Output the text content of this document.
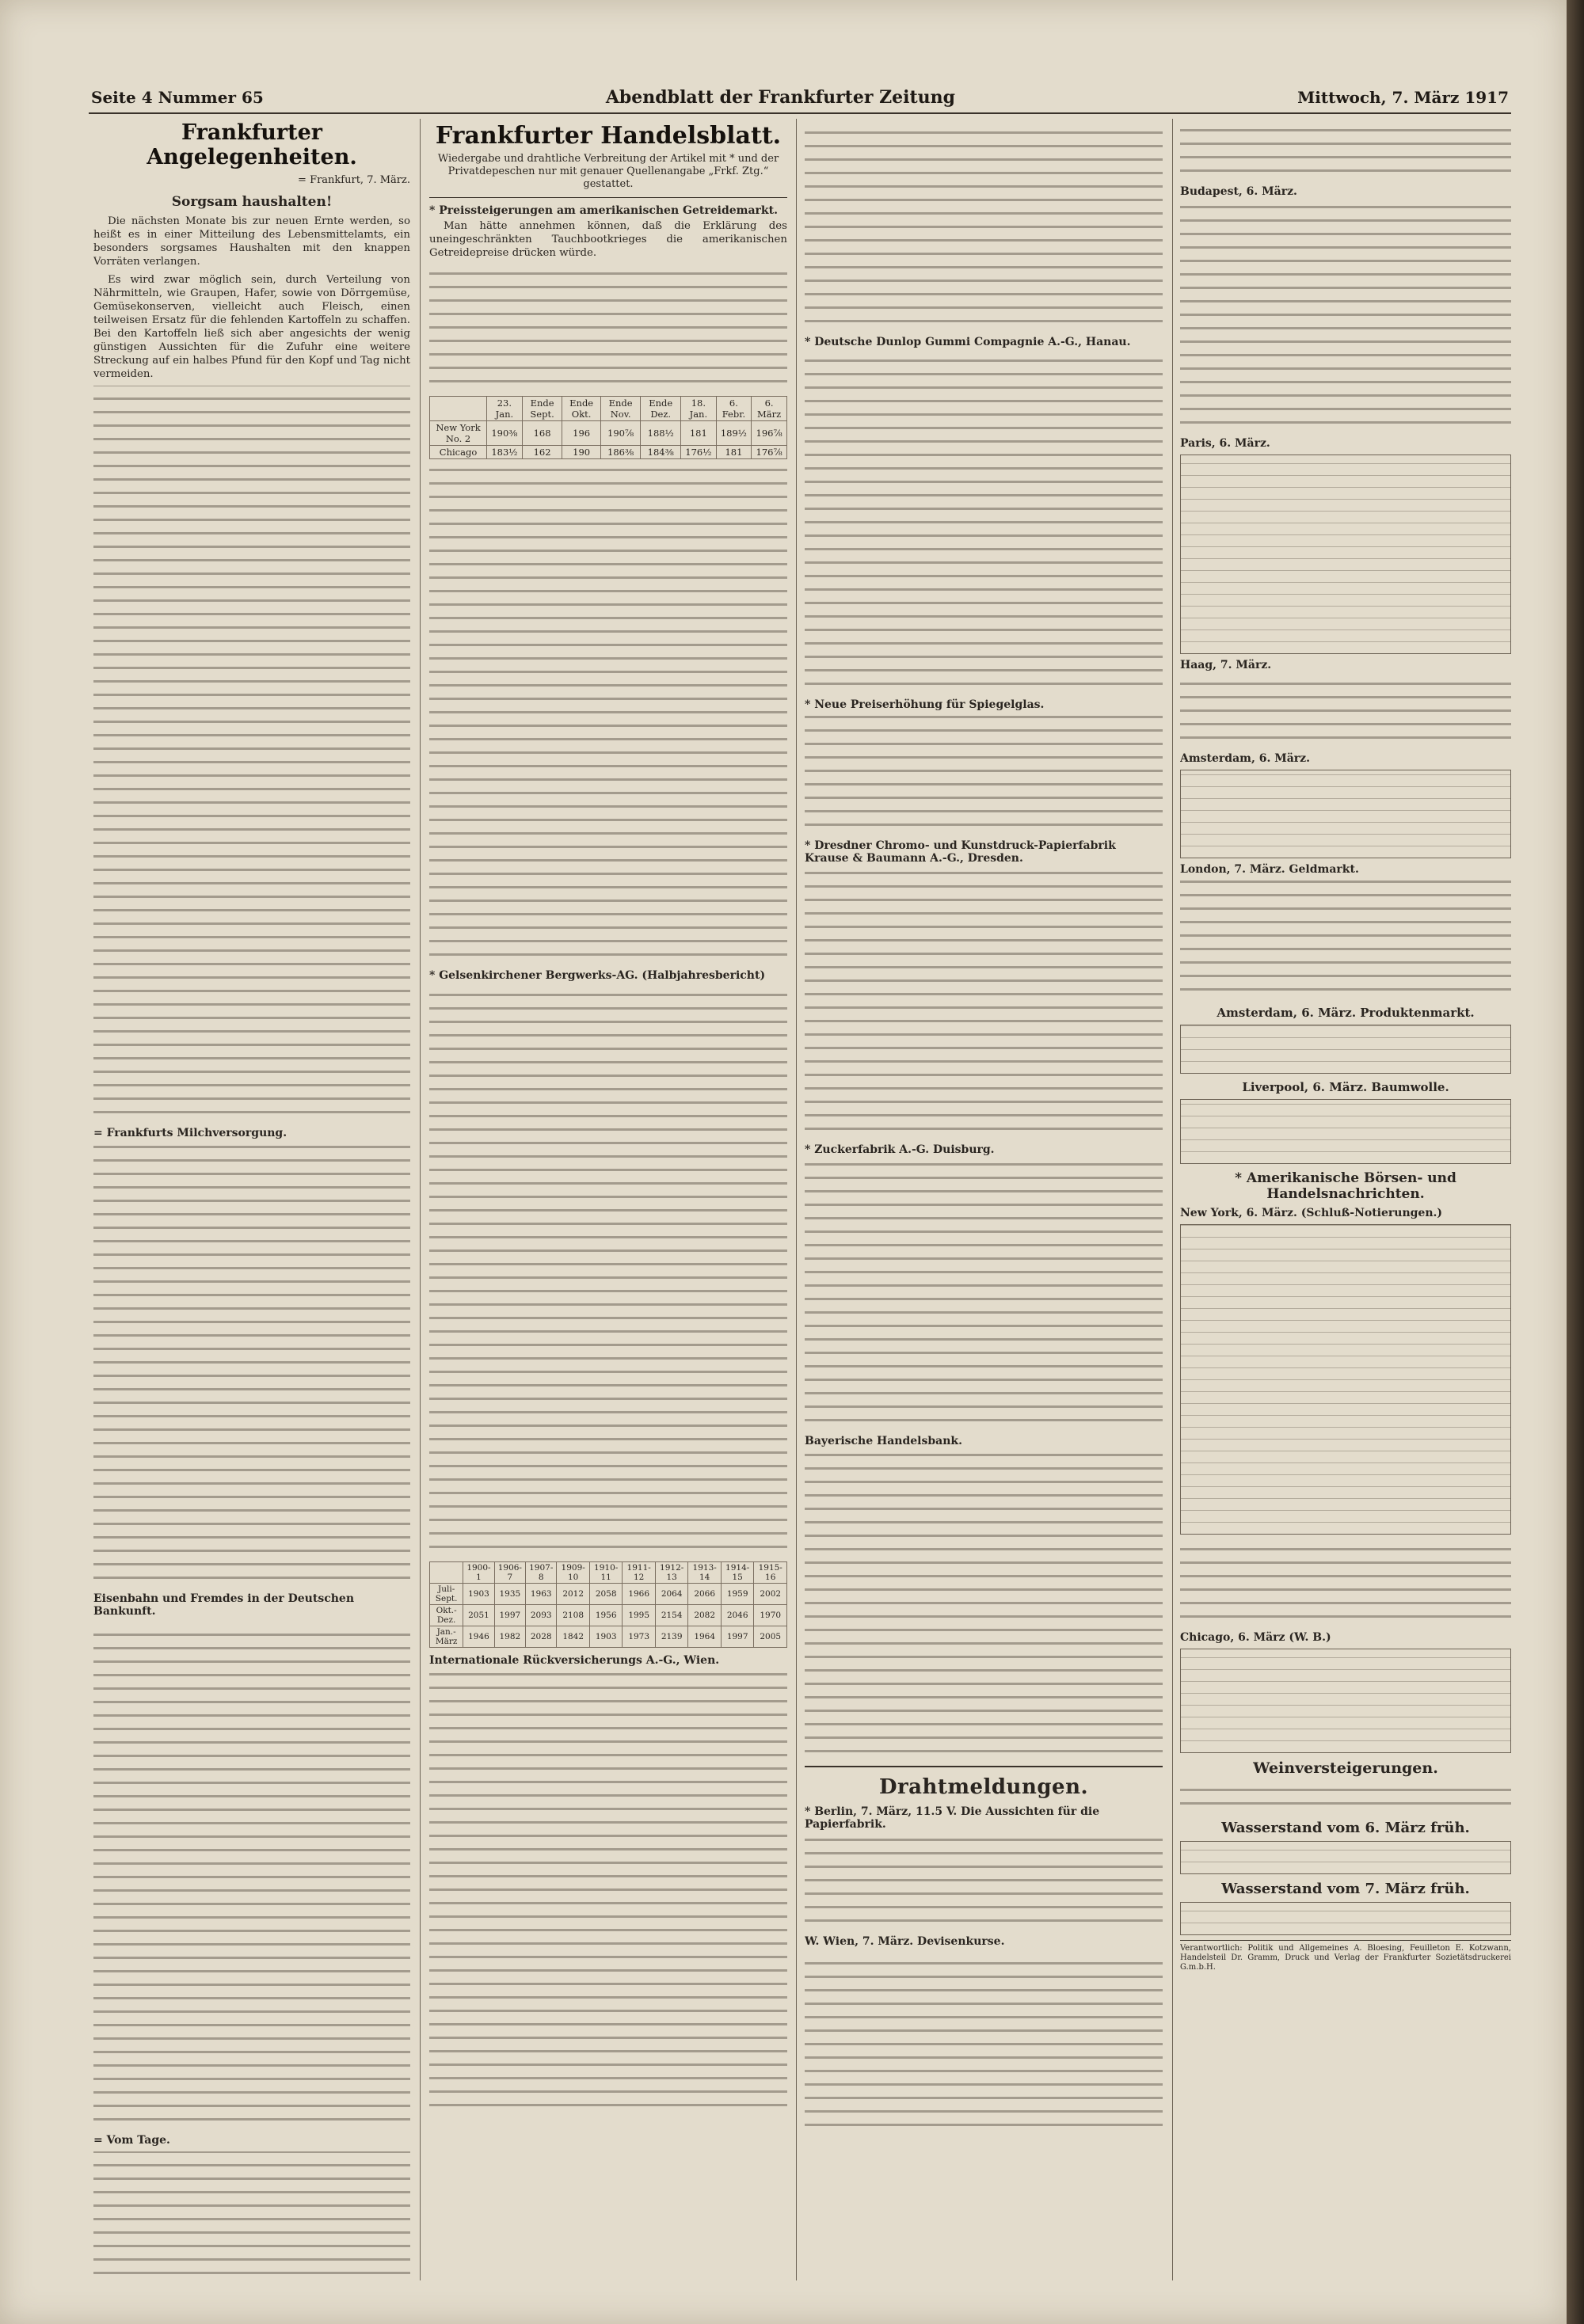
Seite 4 Nummer 65	Abendblatt der Frankfurter Zeitung	Mittwoch, 7. März 1917
Frankfurter Angelegenheiten.
= Frankfurt, 7. März.
Sorgsam haushalten!

Die nächsten Monate bis zur neuen Ernte werden, so heißt es in einer Mitteilung des Lebensmittelamts, ein besonders sorgsames Haushalten mit den knappen Vorräten verlangen.

Es wird zwar möglich sein, durch Verteilung von Nährmitteln, wie Graupen, Hafer, sowie von Dörrgemüse, Gemüsekonserven, vielleicht auch Fleisch, einen teilweisen Ersatz für die fehlenden Kartoffeln zu schaffen. Bei den Kartoffeln ließ sich aber angesichts der wenig günstigen Aussichten für die Zufuhr eine weitere Streckung auf ein halbes Pfund für den Kopf und Tag nicht vermeiden.

= Frankfurts Milchversorgung.
Eisenbahn und Fremdes in der Deutschen Bankunft.
= Vom Tage.
Frankfurter Handelsblatt.
Wiedergabe und drahtliche Verbreitung der Artikel mit * und der Privatdepeschen nur mit genauer Quellenangabe „Frkf. Ztg.“ gestattet.
* Preissteigerungen am amerikanischen Getreidemarkt.

Man hätte annehmen können, daß die Erklärung des uneingeschränkten Tauchbootkrieges die amerikanischen Getreidepreise drücken würde.

	23. Jan.	Ende Sept.	Ende Okt.	Ende Nov.	Ende Dez.	18. Jan.	6. Febr.	6. März
New York No. 2	190⅜	168	196	190⅞	188½	181	189½	196⅞
Chicago	183½	162	190	186⅜	184⅜	176½	181	176⅞
* Gelsenkirchener Bergwerks-AG. (Halbjahresbericht)
	1900-1	1906-7	1907-8	1909-10	1910-11	1911-12	1912-13	1913-14	1914-15	1915-16
Juli-Sept.	1903	1935	1963	2012	2058	1966	2064	2066	1959	2002
Okt.-Dez.	2051	1997	2093	2108	1956	1995	2154	2082	2046	1970
Jan.-März	1946	1982	2028	1842	1903	1973	2139	1964	1997	2005
Internationale Rückversicherungs A.-G., Wien.
* Deutsche Dunlop Gummi Compagnie A.-G., Hanau.
* Neue Preiserhöhung für Spiegelglas.
* Dresdner Chromo- und Kunstdruck-Papierfabrik Krause & Baumann A.-G., Dresden.
* Zuckerfabrik A.-G. Duisburg.
Bayerische Handelsbank.
Drahtmeldungen.
* Berlin, 7. März, 11.5 V. Die Aussichten für die Papierfabrik.
W. Wien, 7. März. Devisenkurse.
Budapest, 6. März.
Paris, 6. März.
Haag, 7. März.
Amsterdam, 6. März.
London, 7. März. Geldmarkt.
Amsterdam, 6. März. Produktenmarkt.
Liverpool, 6. März. Baumwolle.
* Amerikanische Börsen- und Handelsnachrichten.
New York, 6. März. (Schluß-Notierungen.)
Chicago, 6. März (W. B.)
Weinversteigerungen.
Wasserstand vom 6. März früh.
Wasserstand vom 7. März früh.
Verantwortlich: Politik und Allgemeines A. Bloesing, Feuilleton E. Kotzwann, Handelsteil Dr. Gramm, Druck und Verlag der Frankfurter Sozietätsdruckerei G.m.b.H.
